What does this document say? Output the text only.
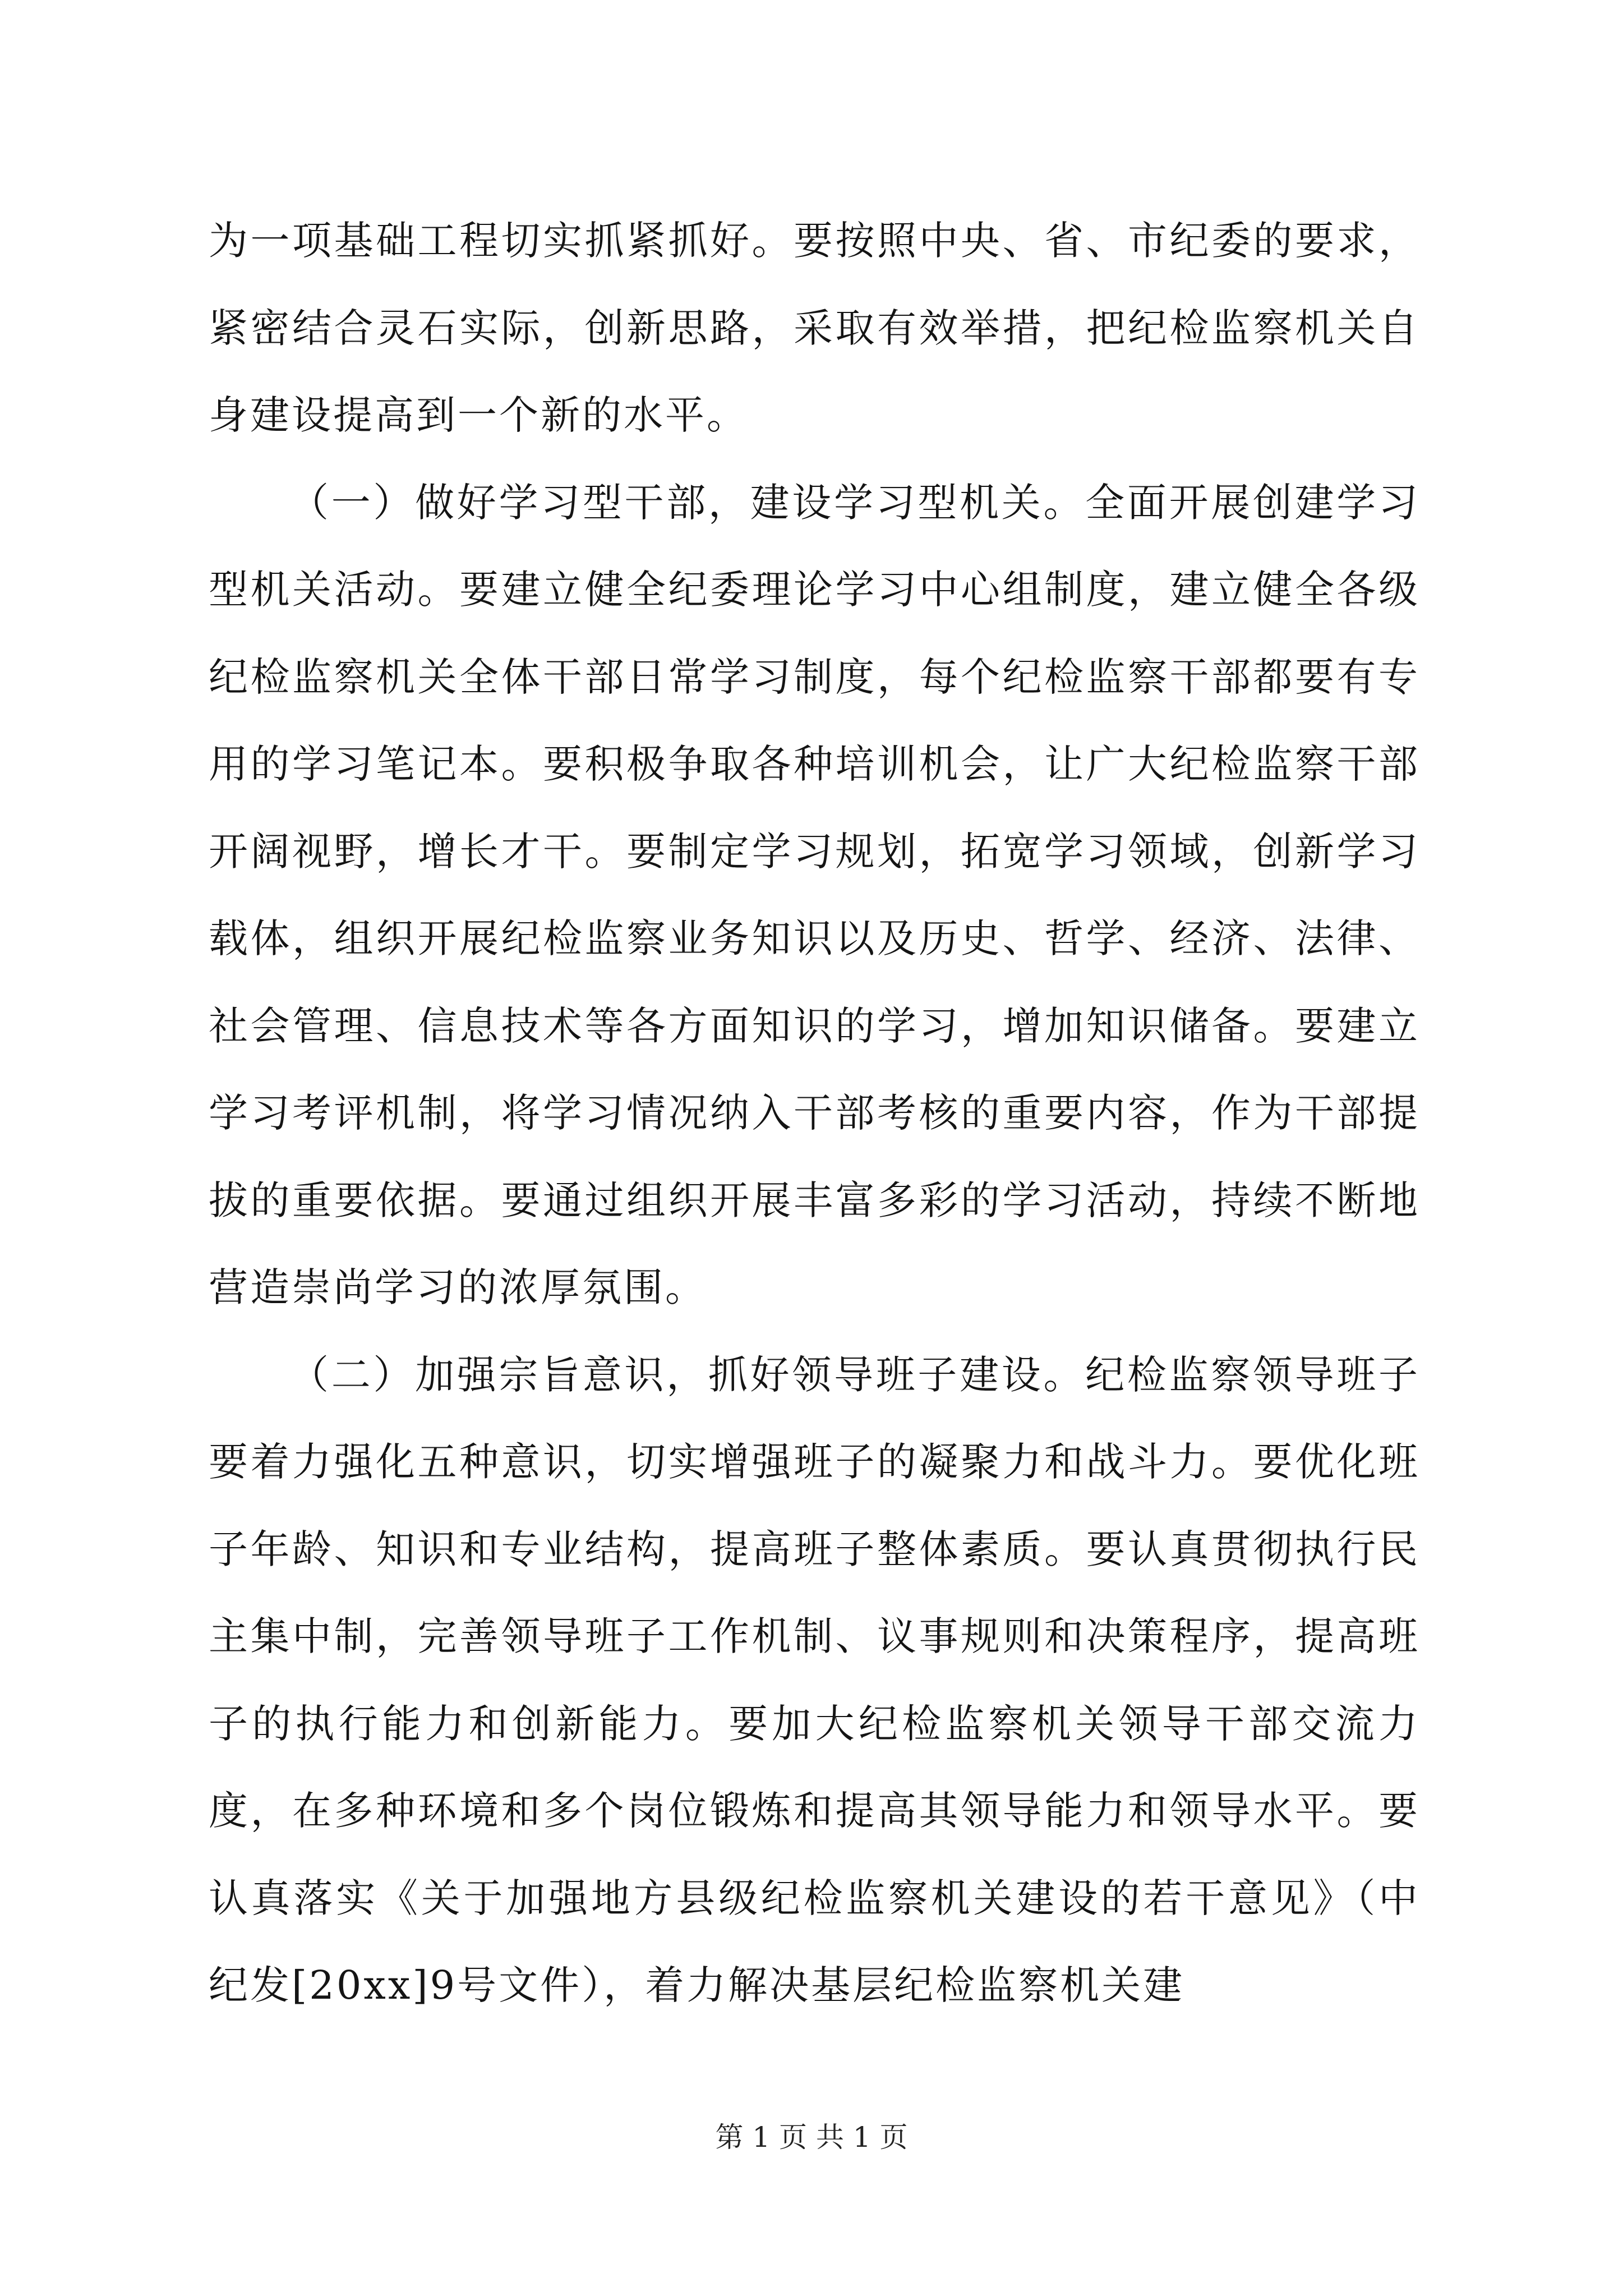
为一项基础工程切实抓紧抓好。要按照中央、省、市纪委的要求，紧密结合灵石实际，创新思路，采取有效举措，把纪检监察机关自身建设提高到一个新的水平。

（一）做好学习型干部，建设学习型机关。全面开展创建学习型机关活动。要建立健全纪委理论学习中心组制度，建立健全各级纪检监察机关全体干部日常学习制度，每个纪检监察干部都要有专用的学习笔记本。要积极争取各种培训机会，让广大纪检监察干部开阔视野，增长才干。要制定学习规划，拓宽学习领域，创新学习载体，组织开展纪检监察业务知识以及历史、哲学、经济、法律、社会管理、信息技术等各方面知识的学习，增加知识储备。要建立学习考评机制，将学习情况纳入干部考核的重要内容，作为干部提拔的重要依据。要通过组织开展丰富多彩的学习活动，持续不断地营造崇尚学习的浓厚氛围。

（二）加强宗旨意识，抓好领导班子建设。纪检监察领导班子要着力强化五种意识，切实增强班子的凝聚力和战斗力。要优化班子年龄、知识和专业结构，提高班子整体素质。要认真贯彻执行民主集中制，完善领导班子工作机制、议事规则和决策程序，提高班子的执行能力和创新能力。要加大纪检监察机关领导干部交流力度，在多种环境和多个岗位锻炼和提高其领导能力和领导水平。要认真落实《关于加强地方县级纪检监察机关建设的若干意见》（中纪发[20xx]9号文件），着力解决基层纪检监察机关建

第 1 页 共 1 页
